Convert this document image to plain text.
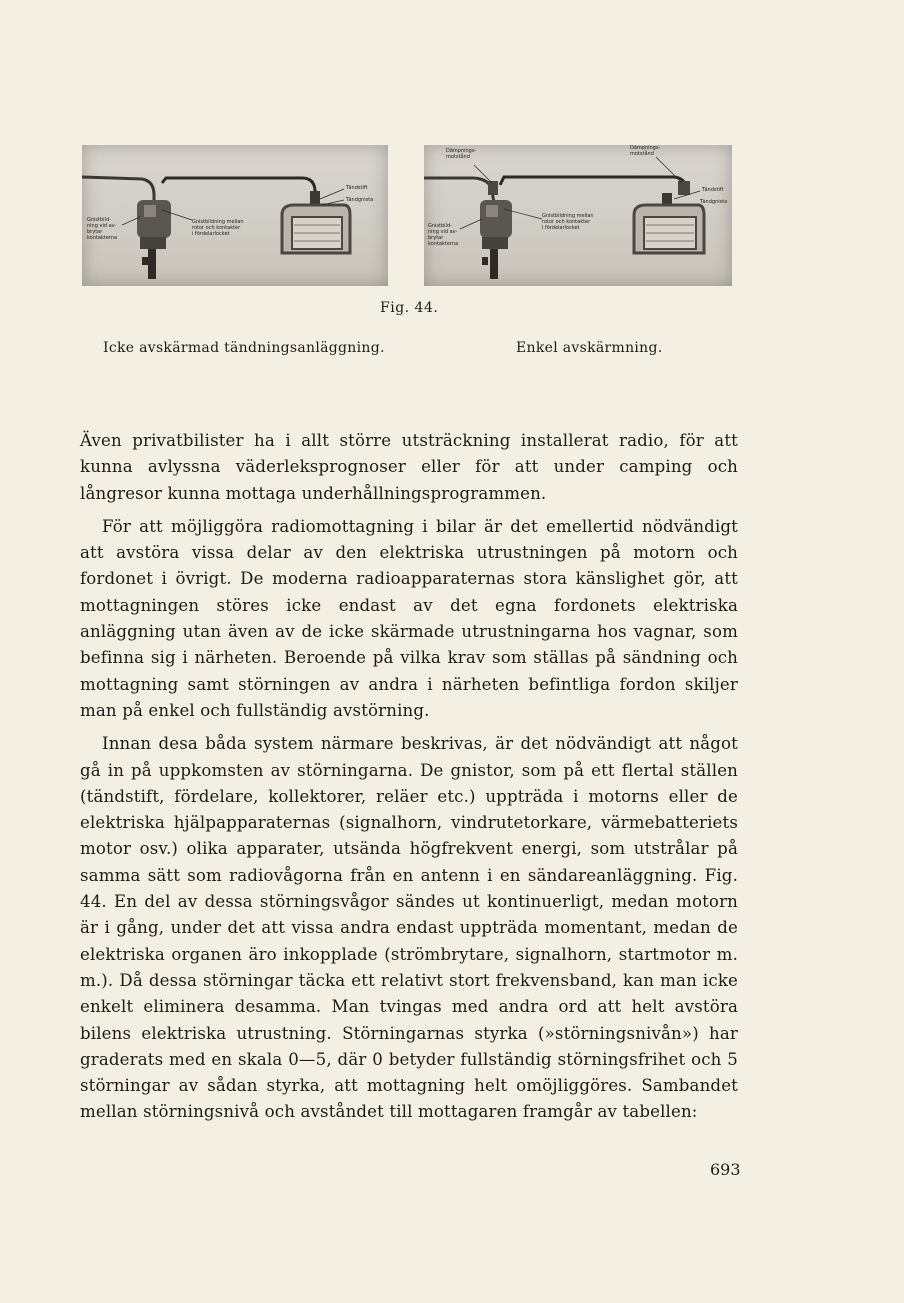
Gnistbild-
ning vid av-
brytar
kontakterna
Gnistbildning mellan
rotor och kontakter
i fördelarlocket
Tändstift
Tändgnista
Dämpnings-
motstånd
Dämpnings-
motstånd
Gnistbild-
ning vid av-
brytar
kontakterna
Gnistbildning mellan
rotor och kontakter
i fördelarlocket
Tändstift
Tändgnista
Fig. 44.
Icke avskärmad tändningsanläggning.	Enkel avskärmning.

Även privatbilister ha i allt större utsträckning installerat radio, för att kunna avlyssna väderleksprognoser eller för att under camping och långresor kunna mottaga underhållningsprogrammen.

För att möjliggöra radiomottagning i bilar är det emellertid nödvändigt att avstöra vissa delar av den elektriska utrustningen på motorn och fordonet i övrigt. De moderna radioapparaternas stora känslighet gör, att mottagningen störes icke endast av det egna fordonets elektriska anläggning utan även av de icke skärmade utrustningarna hos vagnar, som befinna sig i närheten. Beroende på vilka krav som ställas på sändning och mottagning samt störningen av andra i närheten befintliga fordon skiljer man på enkel och fullständig avstörning.

Innan desa båda system närmare beskrivas, är det nödvändigt att något gå in på uppkomsten av störningarna. De gnistor, som på ett flertal ställen (tändstift, fördelare, kollektorer, reläer etc.) uppträda i motorns eller de elektriska hjälpapparaternas (signalhorn, vindrutetorkare, värmebatteriets motor osv.) olika apparater, utsända högfrekvent energi, som utstrålar på samma sätt som radiovågorna från en antenn i en sändareanläggning. Fig. 44. En del av dessa störningsvågor sändes ut kontinuerligt, medan motorn är i gång, under det att vissa andra endast uppträda momentant, medan de elektriska organen äro inkopplade (strömbrytare, signalhorn, startmotor m. m.). Då dessa störningar täcka ett relativt stort frekvensband, kan man icke enkelt eliminera desamma. Man tvingas med andra ord att helt avstöra bilens elektriska utrustning. Störningarnas styrka (»störningsnivån») har graderats med en skala 0—5, där 0 betyder fullständig störningsfrihet och 5 störningar av sådan styrka, att mottagning helt omöjliggöres. Sambandet mellan störningsnivå och avståndet till mottagaren framgår av tabellen:

693
